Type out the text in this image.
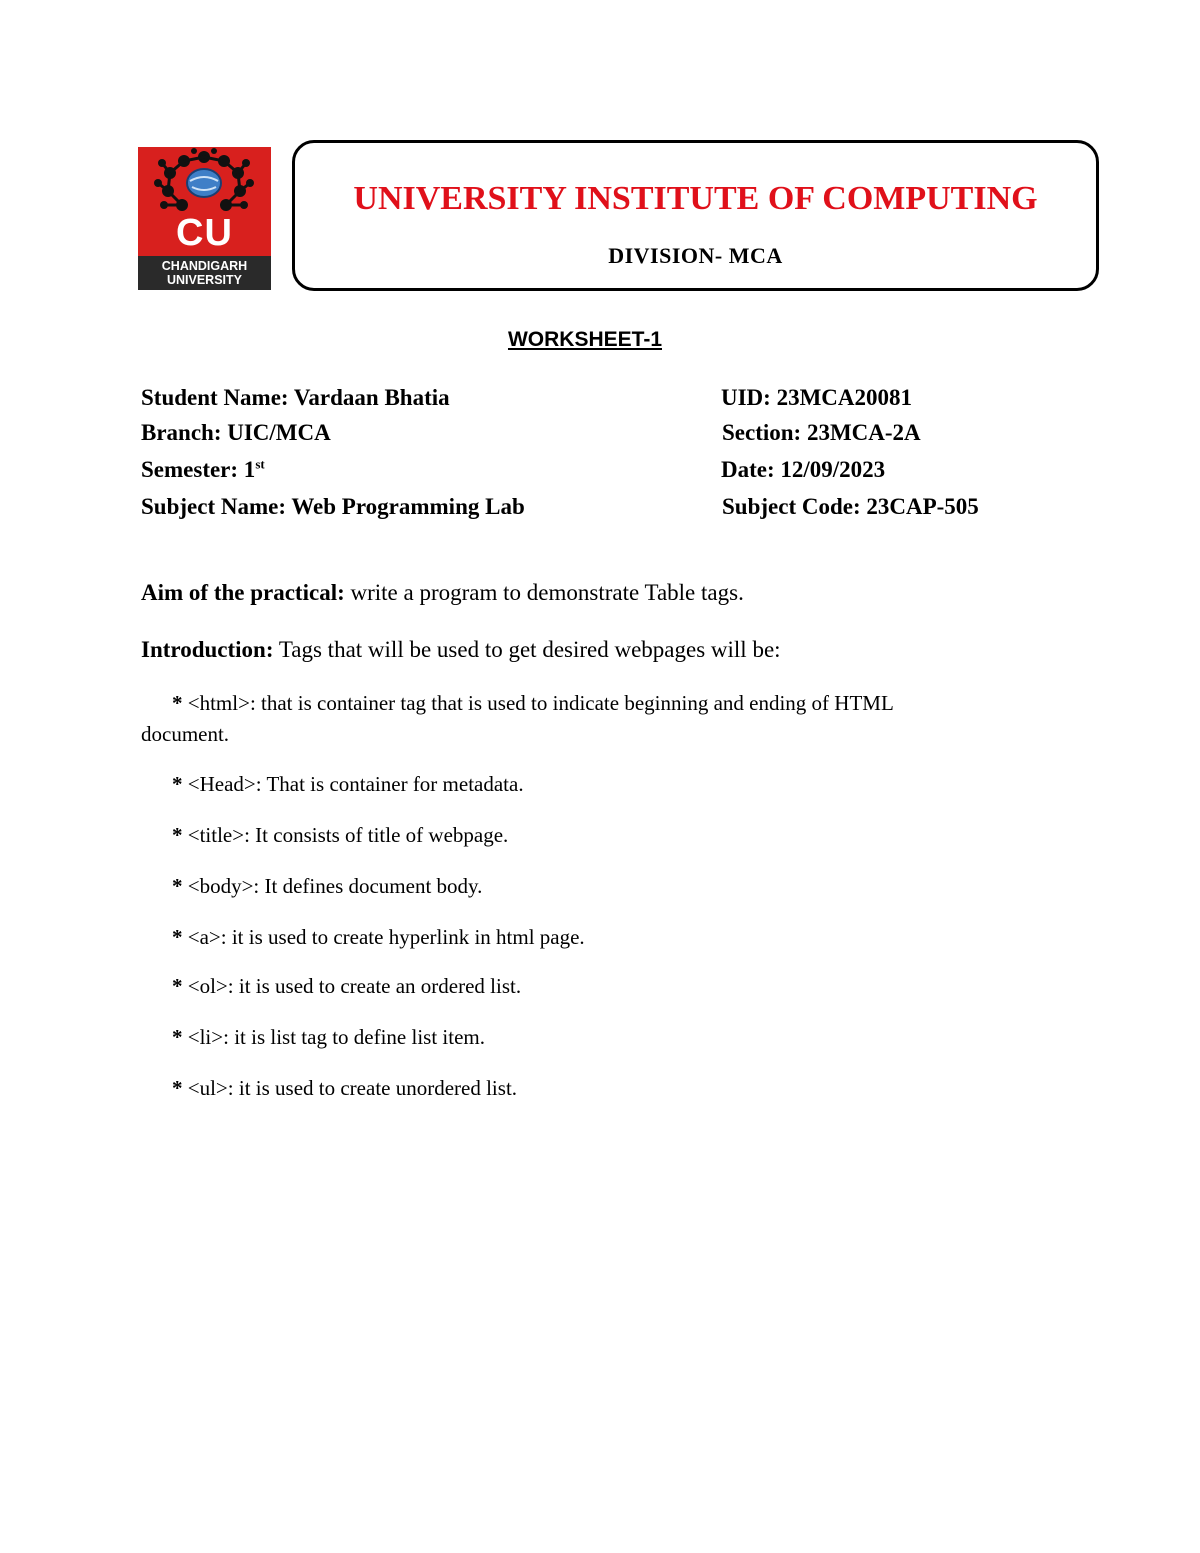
CU
CHANDIGARH
UNIVERSITY
UNIVERSITY INSTITUTE OF COMPUTING
DIVISION- MCA
WORKSHEET-1
Student Name: Vardaan Bhatia	UID: 23MCA20081
Branch: UIC/MCA	Section: 23MCA-2A
Semester: 1st	Date: 12/09/2023
Subject Name: Web Programming Lab	Subject Code: 23CAP-505
Aim of the practical: write a program to demonstrate Table tags.
Introduction: Tags that will be used to get desired webpages will be:
* <html>: that is container tag that is used to indicate beginning and ending of HTML
document.
* <Head>: That is container for metadata.
* <title>: It consists of title of webpage.
* <body>: It defines document body.
* <a>: it is used to create hyperlink in html page.
* <ol>: it is used to create an ordered list.
* <li>: it is list tag to define list item.
* <ul>: it is used to create unordered list.
